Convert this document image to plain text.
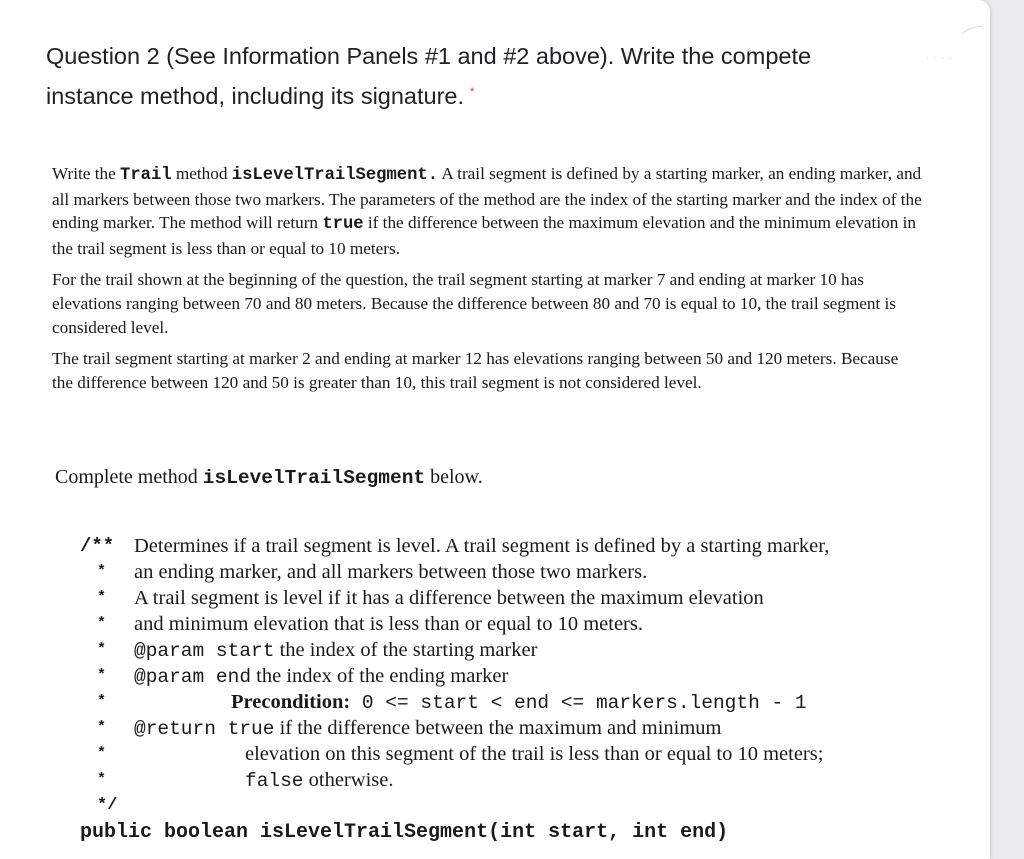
· · · ·
Question 2 (See Information Panels #1 and #2 above). Write the compete instance method, including its signature. *

Write the Trail method isLevelTrailSegment. A trail segment is defined by a starting marker, an ending marker, and all markers between those two markers. The parameters of the method are the index of the starting marker and the index of the ending marker. The method will return true if the difference between the maximum elevation and the minimum elevation in the trail segment is less than or equal to 10 meters.

For the trail shown at the beginning of the question, the trail segment starting at marker 7 and ending at marker 10 has elevations ranging between 70 and 80 meters. Because the difference between 80 and 70 is equal to 10, the trail segment is considered level.

The trail segment starting at marker 2 and ending at marker 12 has elevations ranging between 50 and 120 meters. Because the difference between 120 and 50 is greater than 10, this trail segment is not considered level.

Complete method isLevelTrailSegment below.
/** Determines if a trail segment is level. A trail segment is defined by a starting marker,
* an ending marker, and all markers between those two markers.
* A trail segment is level if it has a difference between the maximum elevation
* and minimum elevation that is less than or equal to 10 meters.
* @param start the index of the starting marker
* @param end the index of the ending marker
*	Precondition: 0 <= start < end <= markers.length - 1
* @return true if the difference between the maximum and minimum
*	elevation on this segment of the trail is less than or equal to 10 meters;
*	false otherwise.
*/
public boolean isLevelTrailSegment(int start, int end)
